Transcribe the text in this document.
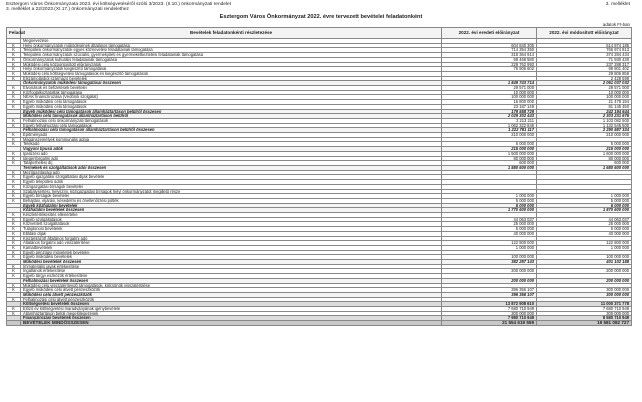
Esztergom Város Önkormányzata 2023. évi költségvetéséről szóló 3/2023. (II.10.) önkormányzati rendelet
3. melléklet a 22/2023.(XI.17.) önkormányzati rendelethez
3. melléklet
Esztergom Város Önkormányzat 2022. évre tervezett bevételei feladatonként
adatok Ft-ban
Feladat	Bevételek feladatonkénti részletezése	2022. évi eredeti előirányzat	2022. évi módosított előirányzat
	Megnevezése		
K	Helyi önkormányzatok működésének általános támogatása	604 840 305	614 874 185
K	Települési önkormányzatok egyes köznevelési feladatainak támogatása	714 354 350	766 974 813
K	Települési önkormányzatok szociális, gyermekjóléti és gyermekétkeztetési feladatainak támogatása	318 364 914	374 284 434
K	Önkormányzatok kulturális feladatainak támogatása	68 468 580	71 930 430
K	Működési célú központosított előirányzatok	229 762 993	237 288 317
K	Helyi önkormányzatok kiegészítő támogatásai	76 905 602	99 801 402
K	Működési célú költségvetési támogatások és kiegészítő támogatások		29 806 858
K	Elszámolásból származó bevételek		2 428 599
	Önkormányzatok működési támogatásai összesen	1 849 743 714	2 061 037 032
K	Elvonások és befizetések bevételei	29 571 000	29 571 000
K	Közfoglalkoztatottak támogatása	10 000 000	10 000 000
K	NEAK finanszírozása (Védőnői szolgálat)	100 000 000	100 000 000
K	Egyéb működési célú támogatások	16 800 000	21 478 194
K	Egyéb működési célú támogatások	23 187 149	81 145 450
	Egyéb működési célú támogatások államháztartáson belülről összesen	179 558 729	242 194 644
	Működési célú támogatások államháztartáson belülről	2 029 302 443	2 303 231 676
K	Felhalmozási célú önkormányzati támogatások	2 213 211	1 103 082 500
K	Egyéb felhalmozási célú támogatások	1 062 322 846	1 132 545 500
	Felhalmozási célú támogatások államháztartáson belülről összesen	1 222 781 117	2 290 587 324
K	Építményadó	210 000 000	210 000 000
K	Magánszemélyek kommunális adója		
K	Telekadó	5 000 000	5 000 000
	Vagyoni tipusú adók	215 000 000	215 000 000
K	Iparűzési adó	1 500 000 000	1 600 000 000
K	Idegenforgalmi adó	80 000 000	80 000 000
K	Talajterhelési díj	600 000	600 000
	Termékek és szolgáltatások adói összesen	1 580 600 000	1 680 600 000
K	Mezőgazdasági adó		
K	Egyéb igazgatási szolgáltatási díjak bevétele		
K	Egyéb települési adók		
K	Közigazgatási bírságok bevételei		
K	Szabálysértési, helyszíni, közigazgatási bírságok helyi önkormányzatot megillető része		
K	Egyéb bírságok bevételei	1 000 000	1 000 000
K	Behajtási, eljárási, késedelmi és önellenőrzési pótlék	5 000 000	5 000 000
	Egyéb közhatalmi bevételek	6 000 000	6 000 000
	Közhatalmi bevételek összesen	1 770 600 000	1 870 600 000
K	Készletértékesítés ellenértéke		
K	Egyéb szolgáltatások	44 063 037	44 063 037
K	Közvetített szolgáltatások	25 000 000	25 000 000
K	Tulajdonosi bevételek	5 000 000	5 000 000
K	Ellátási díjak	40 000 000	40 000 000
K	Kiszámlázott általános forgalmi adó		
K	Általános forgalmi adó visszatérítése	122 800 000	122 800 000
K	Kamatbevételek	1 000 000	1 000 000
K	Egyéb pénzügyi műveletek bevételei		
K	Egyéb működési bevételek	100 000 000	100 000 000
	Működési bevételek összesen	382 287 143	401 102 188
K	Immateriális javak értékesítése		
K	Ingatlanok értékesítése	200 000 000	200 000 000
K	Egyéb tárgyi eszközök értékesítése		
	Felhalmozási bevételek összesen	200 000 000	200 000 000
K	Működési célú visszatérítendő támogatások, kölcsönök visszatérülése		
K	Egyéb működési célú átvett pénzeszközök	396 356 107	300 000 000
	Működési célú átvett pénzeszközök	396 356 107	300 000 000
K	Felhalmozási célú átvett pénzeszközök		
	Költségvetési bevételek összesen	13 872 908 610	11 000 371 778
K	Előző év költségvetési maradványának igénybevétele	7 680 710 949	7 680 710 949
K	Államháztartáson belüli megelőlegezések	300 000 000	300 000 000
	Finanszírozási bevételek összesen	7 980 710 949	8 580 710 949
	BEVÉTELEK MINDÖSSZESEN	21 554 619 559	19 581 082 727
